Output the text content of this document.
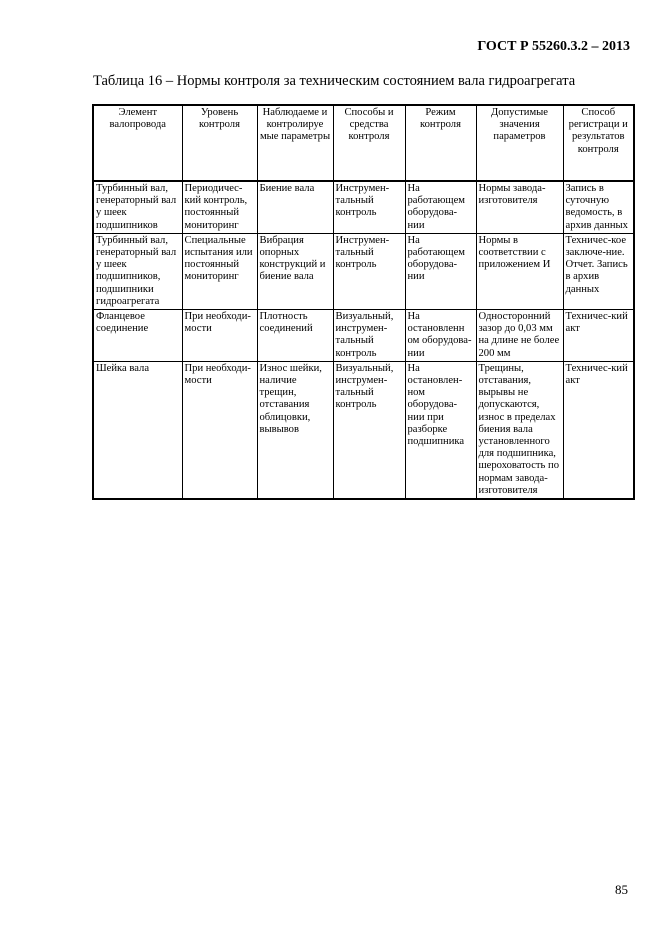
ГОСТ Р 55260.3.2 – 2013
Таблица 16 – Нормы контроля за техническим состоянием вала гидроагрегата
Элемент валопровода	Уровень контроля	Наблюдаеме и контролируе мые параметры	Способы и средства контроля	Режим контроля	Допустимые значения параметров	Способ регистраци и результатов контроля
Турбинный вал, генераторный вал у шеек подшипников	Периодичес-кий контроль, постоянный мониторинг	Биение вала	Инструмен-тальный контроль	На работающем оборудова-нии	Нормы завода-изготовителя	Запись в суточную ведомость, в архив данных
Турбинный вал, генераторный вал у шеек подшипников, подшипники гидроагрегата	Специальные испытания или постоянный мониторинг	Вибрация опорных конструкций и биение вала	Инструмен-тальный контроль	На работающем оборудова-нии	Нормы в соответствии с приложением И	Техничес-кое заключе-ние. Отчет. Запись в архив данных
Фланцевое соединение	При необходи-мости	Плотность соединений	Визуальный, инструмен-тальный контроль	На остановленн ом оборудова-нии	Односторонний зазор до 0,03 мм на длине не более 200 мм	Техничес-кий акт
Шейка вала	При необходи-мости	Износ шейки, наличие трещин, отставания облицовки, вывывов	Визуальный, инструмен-тальный контроль	На остановлен-ном оборудова-нии при разборке подшипника	Трещины, отставания, вырывы не допускаются, износ в пределах биения вала установленного для подшипника, шероховатость по нормам завода-изготовителя	Техничес-кий акт
85
